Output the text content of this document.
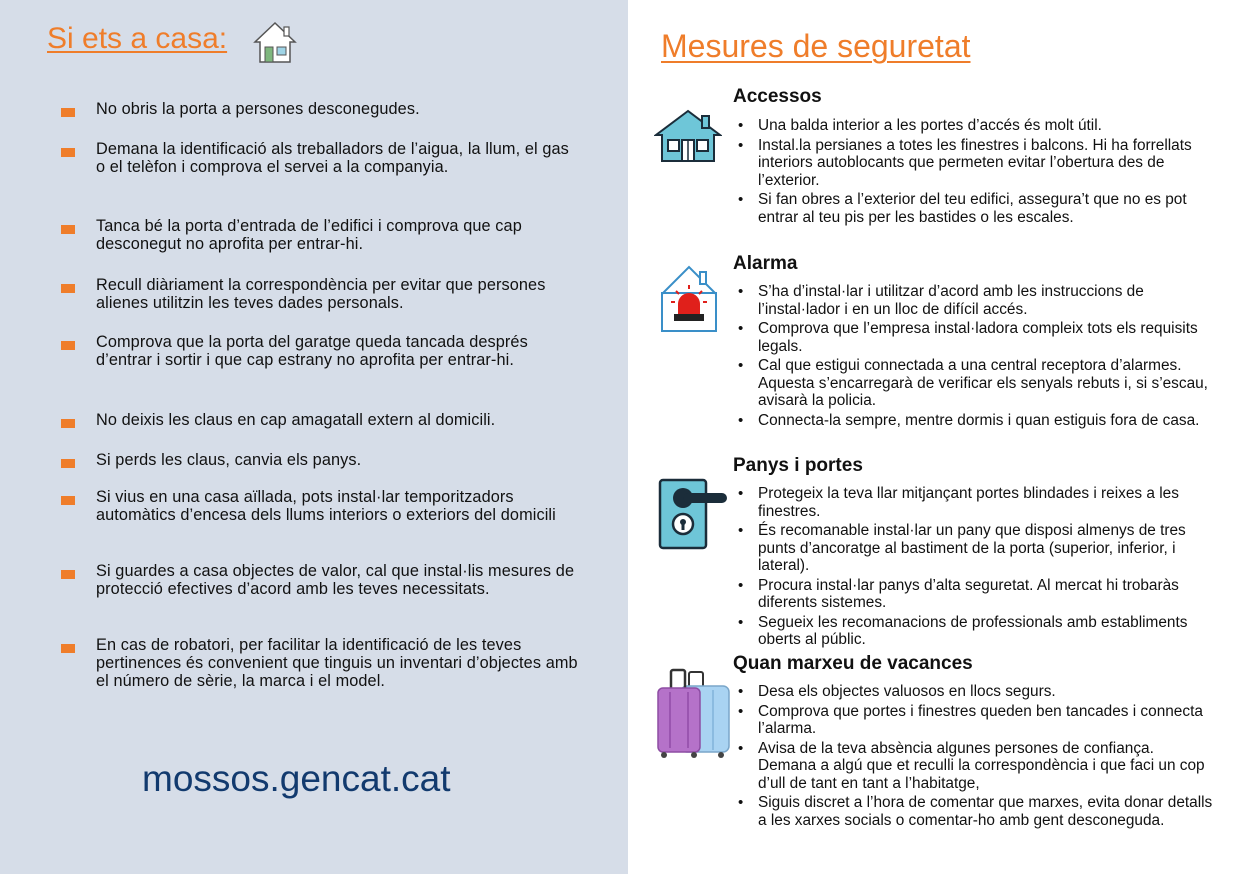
Si ets a casa:
No obris la porta a persones desconegudes.
Demana la identificació als treballadors de l’aigua, la llum, el gas o el telèfon i comprova el servei a la companyia.
Tanca bé la porta d’entrada de l’edifici i comprova que cap desconegut no aprofita per entrar-hi.
Recull diàriament la correspondència per evitar que persones alienes utilitzin les teves dades personals.
Comprova que la porta del garatge queda tancada després d’entrar i sortir i que cap estrany no aprofita per entrar-hi.
No deixis les claus en cap amagatall extern al domicili.
Si perds les claus, canvia els panys.
Si vius en una casa aïllada, pots instal·lar temporitzadors automàtics d’encesa dels llums interiors o exteriors del domicili
Si guardes a casa objectes de valor, cal que instal·lis mesures de protecció efectives d’acord amb les teves necessitats.
En cas de robatori, per facilitar la identificació de les teves pertinences és convenient que tinguis un inventari d’objectes amb el número de sèrie, la marca i el model.
mossos.gencat.cat
Mesures de seguretat
Accessos
• Una balda interior a les portes d’accés és molt útil.
• Instal.la persianes a totes les finestres i balcons. Hi ha forrellats interiors autoblocants que permeten evitar l’obertura des de l’exterior.
• Si fan obres a l’exterior del teu edifici, assegura’t que no es pot entrar al teu pis per les bastides o les escales.
Alarma
• S’ha d’instal·lar i utilitzar d’acord amb les instruccions de l’instal·lador i en un lloc de difícil accés.
• Comprova que l’empresa instal·ladora compleix tots els requisits legals.
• Cal que estigui connectada a una central receptora d’alarmes. Aquesta s’encarregarà de verificar els senyals rebuts i, si s’escau, avisarà la policia.
• Connecta-la sempre, mentre dormis i quan estiguis fora de casa.
Panys i portes
• Protegeix la teva llar mitjançant portes blindades i reixes a les finestres.
• És recomanable instal·lar un pany que disposi almenys de tres punts d’ancoratge al bastiment de la porta (superior, inferior, i lateral).
• Procura instal·lar panys d’alta seguretat. Al mercat hi trobaràs diferents sistemes.
• Segueix les recomanacions de professionals amb establiments oberts al públic.
Quan marxeu de vacances
• Desa els objectes valuosos en llocs segurs.
• Comprova que portes i finestres queden ben tancades i connecta l’alarma.
• Avisa de la teva absència algunes persones de confiança. Demana a algú que et reculli la correspondència i que faci un cop d’ull de tant en tant a l’habitatge,
• Siguis discret a l’hora de comentar que marxes, evita donar detalls a les xarxes socials o comentar-ho amb gent desconeguda.
